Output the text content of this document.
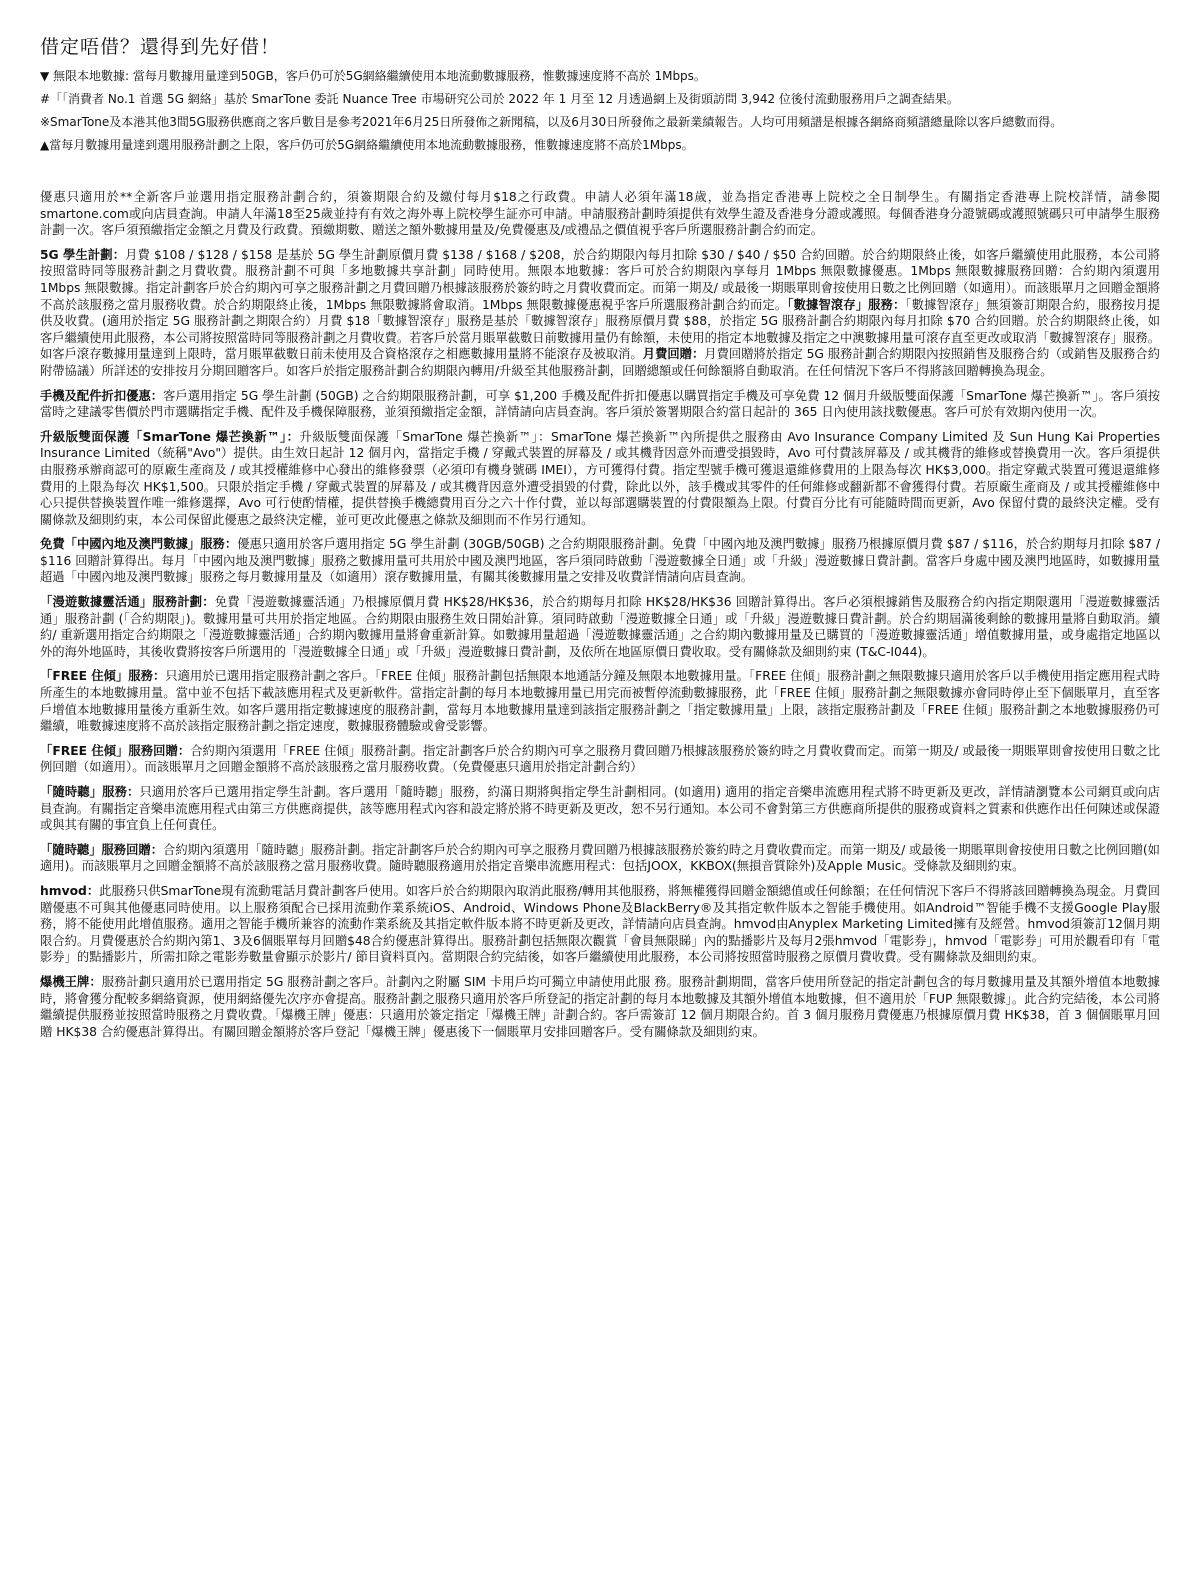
借定唔借？還得到先好借！

▼ 無限本地數據: 當每月數據用量達到50GB，客戶仍可於5G網絡繼續使用本地流動數據服務，惟數據速度將不高於 1Mbps。

#「「消費者 No.1 首選 5G 網絡」基於 SmarTone 委託 Nuance Tree 市場研究公司於 2022 年 1 月至 12 月透過網上及街頭訪問 3,942 位後付流動服務用戶之調查結果。

※SmarTone及本港其他3間5G服務供應商之客戶數目是參考2021年6月25日所發佈之新聞稿，以及6月30日所發佈之最新業績報告。人均可用頻譜是根據各網絡商頻譜總量除以客戶總數而得。

▲當每月數據用量達到選用服務計劃之上限，客戶仍可於5G網絡繼續使用本地流動數據服務，惟數據速度將不高於1Mbps。

優惠只適用於**全新客戶並選用指定服務計劃合約，須簽期限合約及繳付每月$18之行政費。申請人必須年滿18歲，並為指定香港專上院校之全日制學生。有關指定香港專上院校詳情，請參閱smartone.com或向店員查詢。申請人年滿18至25歲並持有有效之海外專上院校學生証亦可申請。申請服務計劃時須提供有效學生證及香港身分證或護照。每個香港身分證號碼或護照號碼只可申請學生服務計劃一次。客戶須預繳指定金額之月費及行政費。預繳期數、贈送之額外數據用量及/免費優惠及/或禮品之價值視乎客戶所選服務計劃合約而定。

5G 學生計劃：月費 $108 / $128 / $158 是基於 5G 學生計劃原價月費 $138 / $168 / $208，於合約期限內每月扣除 $30 / $40 / $50 合約回贈。於合約期限終止後，如客戶繼續使用此服務，本公司將按照當時同等服務計劃之月費收費。服務計劃不可與「多地數據共享計劃」同時使用。無限本地數據：客戶可於合約期限內享每月 1Mbps 無限數據優惠。1Mbps 無限數據服務回贈：合約期內須選用 1Mbps 無限數據。指定計劃客戶於合約期內可享之服務計劃之月費回贈乃根據該服務於簽約時之月費收費而定。而第一期及/ 或最後一期賬單則會按使用日數之比例回贈（如適用）。而該賬單月之回贈金額將不高於該服務之當月服務收費。於合約期限終止後，1Mbps 無限數據將會取消。1Mbps 無限數據優惠視乎客戶所選服務計劃合約而定。「數據智滾存」服務：「數據智滾存」無須簽訂期限合約，服務按月提供及收費。(適用於指定 5G 服務計劃之期限合約）月費 $18「數據智滾存」服務是基於「數據智滾存」服務原價月費 $88，於指定 5G 服務計劃合約期限內每月扣除 $70 合約回贈。於合約期限終止後，如客戶繼續使用此服務，本公司將按照當時同等服務計劃之月費收費。若客戶於當月賬單截數日前數據用量仍有餘額，未使用的指定本地數據及指定之中澳數據用量可滾存直至更改或取消「數據智滾存」服務。如客戶滾存數據用量達到上限時，當月賬單截數日前未使用及合資格滾存之相應數據用量將不能滾存及被取消。月費回贈：月費回贈將於指定 5G 服務計劃合約期限內按照銷售及服務合約（或銷售及服務合約附帶協議）所詳述的安排按月分期回贈客戶。如客戶於指定服務計劃合約期限內轉用/升級至其他服務計劃，回贈總額或任何餘額將自動取消。在任何情況下客戶不得將該回贈轉換為現金。

手機及配件折扣優惠：客戶選用指定 5G 學生計劃 (50GB) 之合約期限服務計劃，可享 $1,200 手機及配件折扣優惠以購買指定手機及可享免費 12 個月升級版雙面保護「SmarTone 爆芒換新™」。客戶須按當時之建議零售價於門市選購指定手機、配件及手機保障服務，並須預繳指定金額，詳情請向店員查詢。客戶須於簽署期限合約當日起計的 365 日內使用該找數優惠。客戶可於有效期內使用一次。

升級版雙面保護「SmarTone 爆芒換新™」：升級版雙面保護「SmarTone 爆芒換新™」：SmarTone 爆芒換新™內所提供之服務由 Avo Insurance Company Limited 及 Sun Hung Kai Properties Insurance Limited（統稱"Avo"）提供。由生效日起計 12 個月內，當指定手機 / 穿戴式裝置的屏幕及 / 或其機背因意外而遭受損毀時，Avo 可付費該屏幕及 / 或其機背的維修或替換費用一次。客戶須提供由服務承辦商認可的原廠生產商及 / 或其授權維修中心發出的維修發票（必須印有機身號碼 IMEI），方可獲得付費。指定型號手機可獲退還維修費用的上限為每次 HK$3,000。指定穿戴式裝置可獲退還維修費用的上限為每次 HK$1,500。只限於指定手機 / 穿戴式裝置的屏幕及 / 或其機背因意外遭受損毀的付費，除此以外，該手機或其零件的任何維修或翻新都不會獲得付費。若原廠生產商及 / 或其授權維修中心只提供替換裝置作唯一維修選擇，Avo 可行使酌情權，提供替換手機總費用百分之六十作付費，並以每部選購裝置的付費限額為上限。付費百分比有可能隨時間而更新，Avo 保留付費的最終決定權。受有關條款及細則約束，本公司保留此優惠之最終決定權，並可更改此優惠之條款及細則而不作另行通知。

免費「中國內地及澳門數據」服務：優惠只適用於客戶選用指定 5G 學生計劃 (30GB/50GB) 之合約期限服務計劃。免費「中國內地及澳門數據」服務乃根據原價月費 $87 / $116，於合約期每月扣除 $87 / $116 回贈計算得出。每月「中國內地及澳門數據」服務之數據用量可共用於中國及澳門地區，客戶須同時啟動「漫遊數據全日通」或「升級」漫遊數據日費計劃。當客戶身處中國及澳門地區時，如數據用量超過「中國內地及澳門數據」服務之每月數據用量及（如適用）滾存數據用量，有關其後數據用量之安排及收費詳情請向店員查詢。

「漫遊數據靈活通」服務計劃：免費「漫遊數據靈活通」乃根據原價月費 HK$28/HK$36，於合約期每月扣除 HK$28/HK$36 回贈計算得出。客戶必須根據銷售及服務合約內指定期限選用「漫遊數據靈活通」服務計劃 (「合約期限」)。數據用量可共用於指定地區。合約期限由服務生效日開始計算。須同時啟動「漫遊數據全日通」或「升級」漫遊數據日費計劃。於合約期屆滿後剩餘的數據用量將自動取消。續約/ 重新選用指定合約期限之「漫遊數據靈活通」合約期內數據用量將會重新計算。如數據用量超過「漫遊數據靈活通」之合約期內數據用量及已購買的「漫遊數據靈活通」增值數據用量，或身處指定地區以外的海外地區時，其後收費將按客戶所選用的「漫遊數據全日通」或「升級」漫遊數據日費計劃，及依所在地區原價日費收取。受有關條款及細則約束 (T&C-I044)。

「FREE 住傾」服務：只適用於已選用指定服務計劃之客戶。「FREE 住傾」服務計劃包括無限本地通話分鐘及無限本地數據用量。「FREE 住傾」服務計劃之無限數據只適用於客戶以手機使用指定應用程式時所產生的本地數據用量。當中並不包括下載該應用程式及更新軟件。當指定計劃的每月本地數據用量已用完而被暫停流動數據服務，此「FREE 住傾」服務計劃之無限數據亦會同時停止至下個賬單月，直至客戶增值本地數據用量後方重新生效。如客戶選用指定數據速度的服務計劃，當每月本地數據用量達到該指定服務計劃之「指定數據用量」上限，該指定服務計劃及「FREE 住傾」服務計劃之本地數據服務仍可繼續，唯數據速度將不高於該指定服務計劃之指定速度，數據服務體驗或會受影響。

「FREE 住傾」服務回贈：合約期內須選用「FREE 住傾」服務計劃。指定計劃客戶於合約期內可享之服務月費回贈乃根據該服務於簽約時之月費收費而定。而第一期及/ 或最後一期賬單則會按使用日數之比例回贈（如適用）。而該賬單月之回贈金額將不高於該服務之當月服務收費。（免費優惠只適用於指定計劃合約）

「隨時聽」服務：只適用於客戶已選用指定學生計劃。客戶選用「隨時聽」服務，約滿日期將與指定學生計劃相同。(如適用) 適用的指定音樂串流應用程式將不時更新及更改，詳情請瀏覽本公司網頁或向店員查詢。有關指定音樂串流應用程式由第三方供應商提供，該等應用程式內容和設定將於將不時更新及更改，恕不另行通知。本公司不會對第三方供應商所提供的服務或資料之質素和供應作出任何陳述或保證或與其有關的事宜負上任何責任。

「隨時聽」服務回贈：合約期內須選用「隨時聽」服務計劃。指定計劃客戶於合約期內可享之服務月費回贈乃根據該服務於簽約時之月費收費而定。而第一期及/ 或最後一期賬單則會按使用日數之比例回贈(如適用)。而該賬單月之回贈金額將不高於該服務之當月服務收費。隨時聽服務適用於指定音樂串流應用程式：包括JOOX，KKBOX(無損音質除外)及Apple Music。受條款及細則約束。

hmvod：此服務只供SmarTone現有流動電話月費計劃客戶使用。如客戶於合約期限內取消此服務/轉用其他服務，將無權獲得回贈金額總值或任何餘額；在任何情況下客戶不得將該回贈轉換為現金。月費回贈優惠不可與其他優惠同時使用。以上服務須配合已採用流動作業系統iOS、Android、Windows Phone及BlackBerry®及其指定軟件版本之智能手機使用。如Android™智能手機不支援Google Play服務，將不能使用此增值服務。適用之智能手機所兼容的流動作業系統及其指定軟件版本將不時更新及更改，詳情請向店員查詢。hmvod由Anyplex Marketing Limited擁有及經營。hmvod須簽訂12個月期限合約。月費優惠於合約期內第1、3及6個賬單每月回贈$48合約優惠計算得出。服務計劃包括無限次觀賞「會員無限睇」內的點播影片及每月2張hmvod「電影券」，hmvod「電影券」可用於觀看印有「電影券」的點播影片，所需扣除之電影券數量會顯示於影片/ 節目資料頁內。當期限合約完結後，如客戶繼續使用此服務，本公司將按照當時服務之原價月費收費。受有關條款及細則約束。

爆機王牌：服務計劃只適用於已選用指定 5G 服務計劃之客戶。計劃內之附屬 SIM 卡用戶均可獨立申請使用此服 務。服務計劃期間，當客戶使用所登記的指定計劃包含的每月數據用量及其額外增值本地數據時，將會獲分配較多網絡資源，使用網絡優先次序亦會提高。服務計劃之服務只適用於客戶所登記的指定計劃的每月本地數據及其額外增值本地數據，但不適用於「FUP 無限數據」。此合約完結後，本公司將繼續提供服務並按照當時服務之月費收費。「爆機王牌」優惠：只適用於簽定指定「爆機王牌」計劃合約。客戶需簽訂 12 個月期限合約。首 3 個月服務月費優惠乃根據原價月費 HK$38，首 3 個個賬單月回贈 HK$38 合約優惠計算得出。有關回贈金額將於客戶登記「爆機王牌」優惠後下一個賬單月安排回贈客戶。受有關條款及細則約束。
